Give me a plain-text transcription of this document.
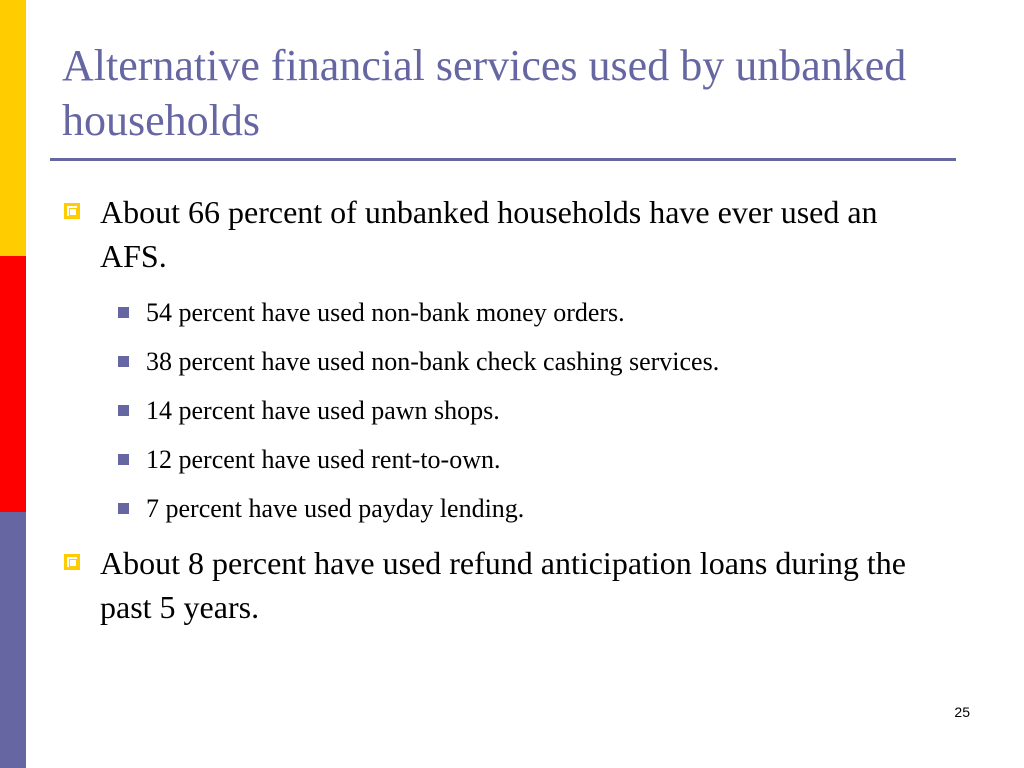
Alternative financial services used by unbanked households
About 66 percent of unbanked households have ever used an AFS.
54 percent have used non-bank money orders.
38 percent have used non-bank check cashing services.
14 percent have used pawn shops.
12 percent have used rent-to-own.
7 percent have used payday lending.
About 8 percent have used refund anticipation loans during the past 5 years.
25
